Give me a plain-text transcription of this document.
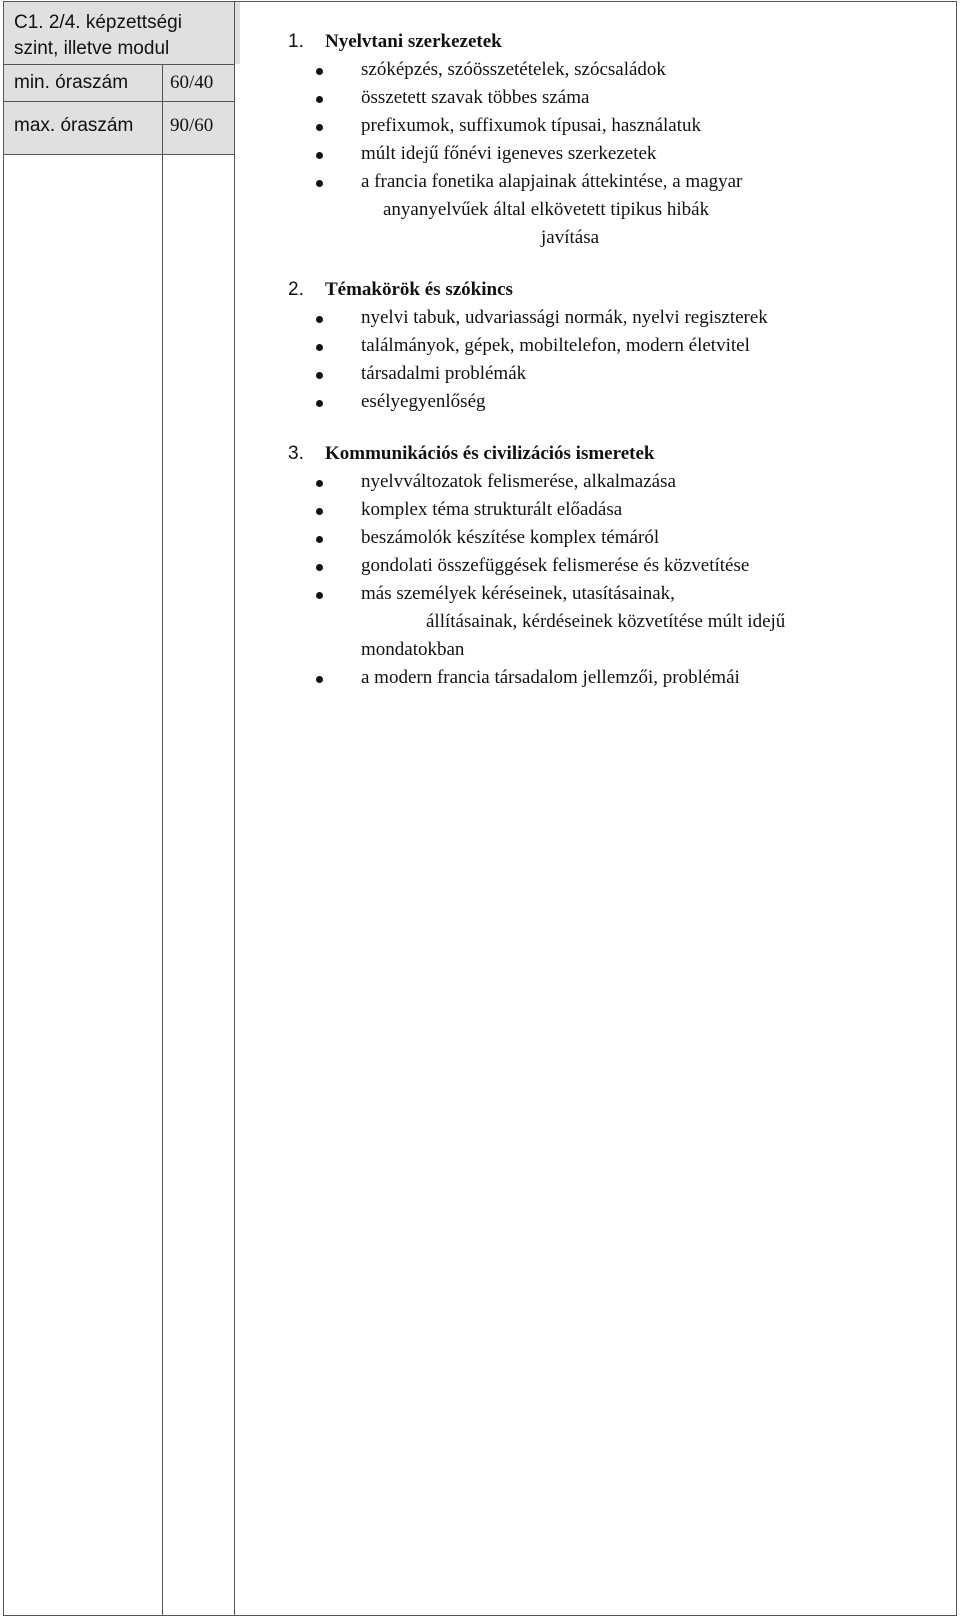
C1. 2/4. képzettségi szint, illetve modul
min. óraszám 60/40
max. óraszám 90/60
1. Nyelvtani szerkezetek
szóképzés, szóösszetételek, szócsaládok
összetett szavak többes száma
prefixumok, suffixumok típusai, használatuk
múlt idejű főnévi igeneves szerkezetek
a francia fonetika alapjainak áttekintése, a magyar
anyanyelvűek által elkövetett tipikus hibák
javítása
2. Témakörök és szókincs
nyelvi tabuk, udvariassági normák, nyelvi regiszterek
találmányok, gépek, mobiltelefon, modern életvitel
társadalmi problémák
esélyegyenlőség
3. Kommunikációs és civilizációs ismeretek
nyelvváltozatok felismerése, alkalmazása
komplex téma strukturált előadása
beszámolók készítése komplex témáról
gondolati összefüggések felismerése és közvetítése
más személyek kéréseinek, utasításainak,
állításainak, kérdéseinek közvetítése múlt idejű
mondatokban
a modern francia társadalom jellemzői, problémái
